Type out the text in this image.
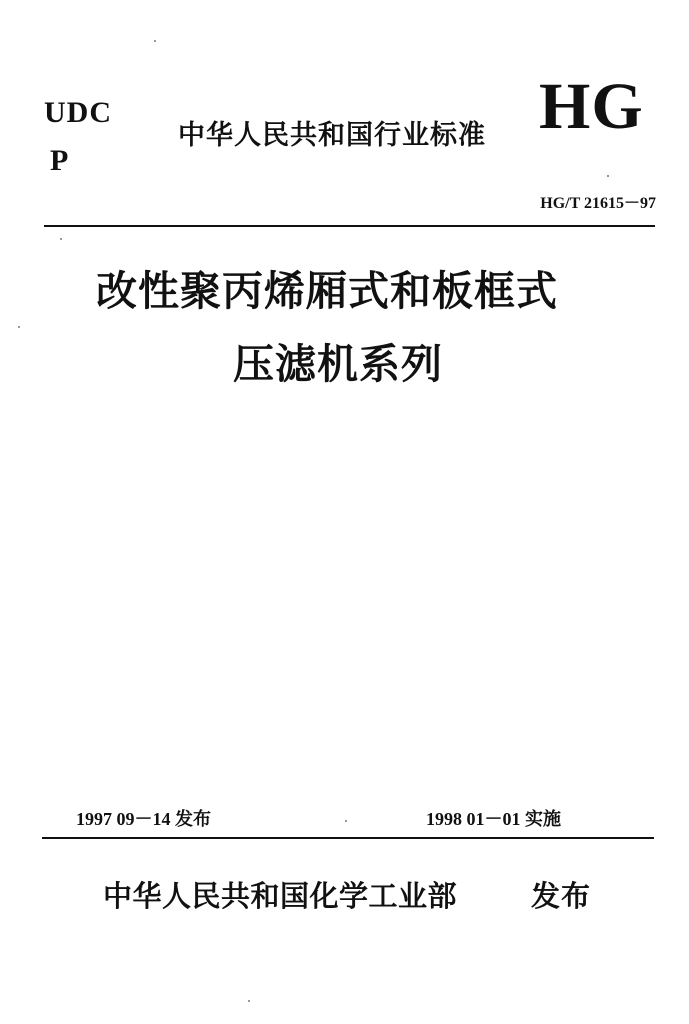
UDC
P
中华人民共和国行业标准 HG
HG/T 21615－97
改性聚丙烯厢式和板框式
压滤机系列
1997 09－14 发布	1998 01－01 实施
中华人民共和国化学工业部	发布
